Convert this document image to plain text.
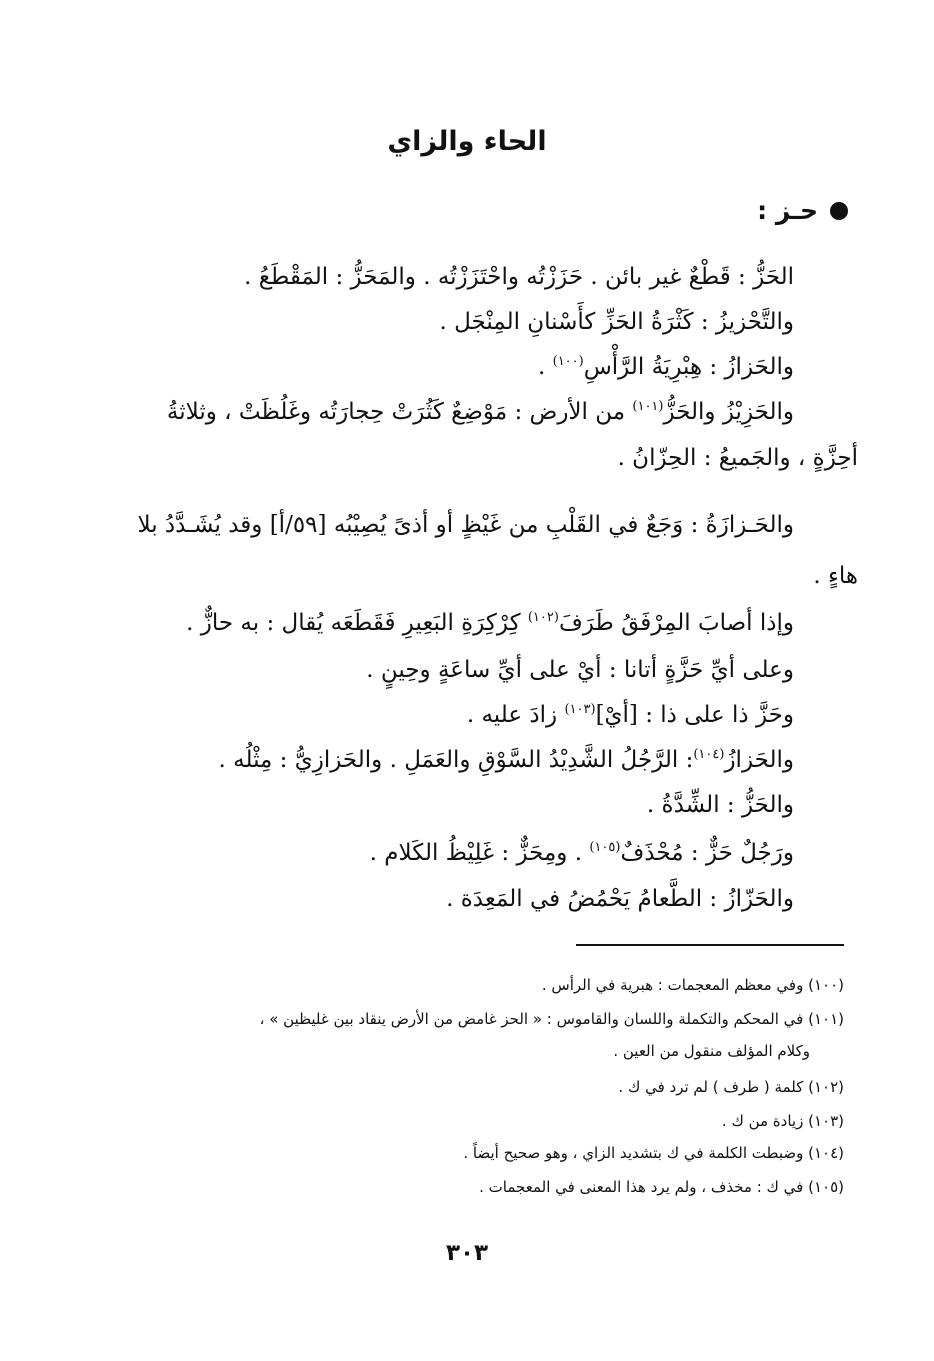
الحاء والزاي
حـز :
الحَزُّ : قَطْعٌ غير بائن . حَزَزْتُه واحْتَزَزْتُه . والمَحَزُّ : المَقْطَعُ .
والتَّحْزيزُ : كَثْرَةُ الحَزِّ كأَسْنانِ المِنْجَل .
والحَزازُ : هِبْرِيَةُ الرَّأْسِ$^{(١٠٠)}$ .
والحَزِيْزُ والحَزُّ$^{(١٠١)}$ من الأرض : مَوْضِعٌ كَثُرَتْ حِجارَتُه وغَلُظَتْ ، وثلاثةُ
أحِزَّةٍ ، والجَميعُ : الحِزّانُ .
والحَـزازَةُ : وَجَعٌ في القَلْبِ من غَيْظٍ أو أذىً يُصِيْبُه [٥٩/أ] وقد يُشَـدَّدُ بلا
هاءٍ .
وإذا أصابَ المِرْفَقُ طَرَفَ$^{(١٠٢)}$ كِرْكِرَةِ البَعِيرِ فَقَطَعَه يُقال : به حازٌّ .
وعلى أيِّ حَزَّةٍ أتانا : أيْ على أيِّ ساعَةٍ وحِينٍ .
وحَزَّ ذا على ذا : [أيْ]$^{(١٠٣)}$ زادَ عليه .
والحَزازُ$^{(١٠٤)}$: الرَّجُلُ الشَّدِيْدُ السَّوْقِ والعَمَلِ . والحَزازِيُّ : مِثْلُه .
والحَزُّ : الشِّدَّةُ .
ورَجُلٌ حَزٌّ : مُحْذَفٌ$^{(١٠٥)}$ . ومِحَزٌّ : غَلِيْظُ الكَلام .
والحَزّازُ : الطَّعامُ يَحْمُضُ في المَعِدَة .
(١٠٠) وفي معظم المعجمات : هبرية في الرأس .
(١٠١) في المحكم والتكملة واللسان والقاموس : « الحز غامض من الأرض ينقاد بين غليظين » ،
وكلام المؤلف منقول من العين .
(١٠٢) كلمة ( طرف ) لم ترد في ك .
(١٠٣) زيادة من ك .
(١٠٤) وضبطت الكلمة في ك بتشديد الزاي ، وهو صحيح أيضاً .
(١٠٥) في ك : مخذف ، ولم يرد هذا المعنى في المعجمات .
٣٠٣
